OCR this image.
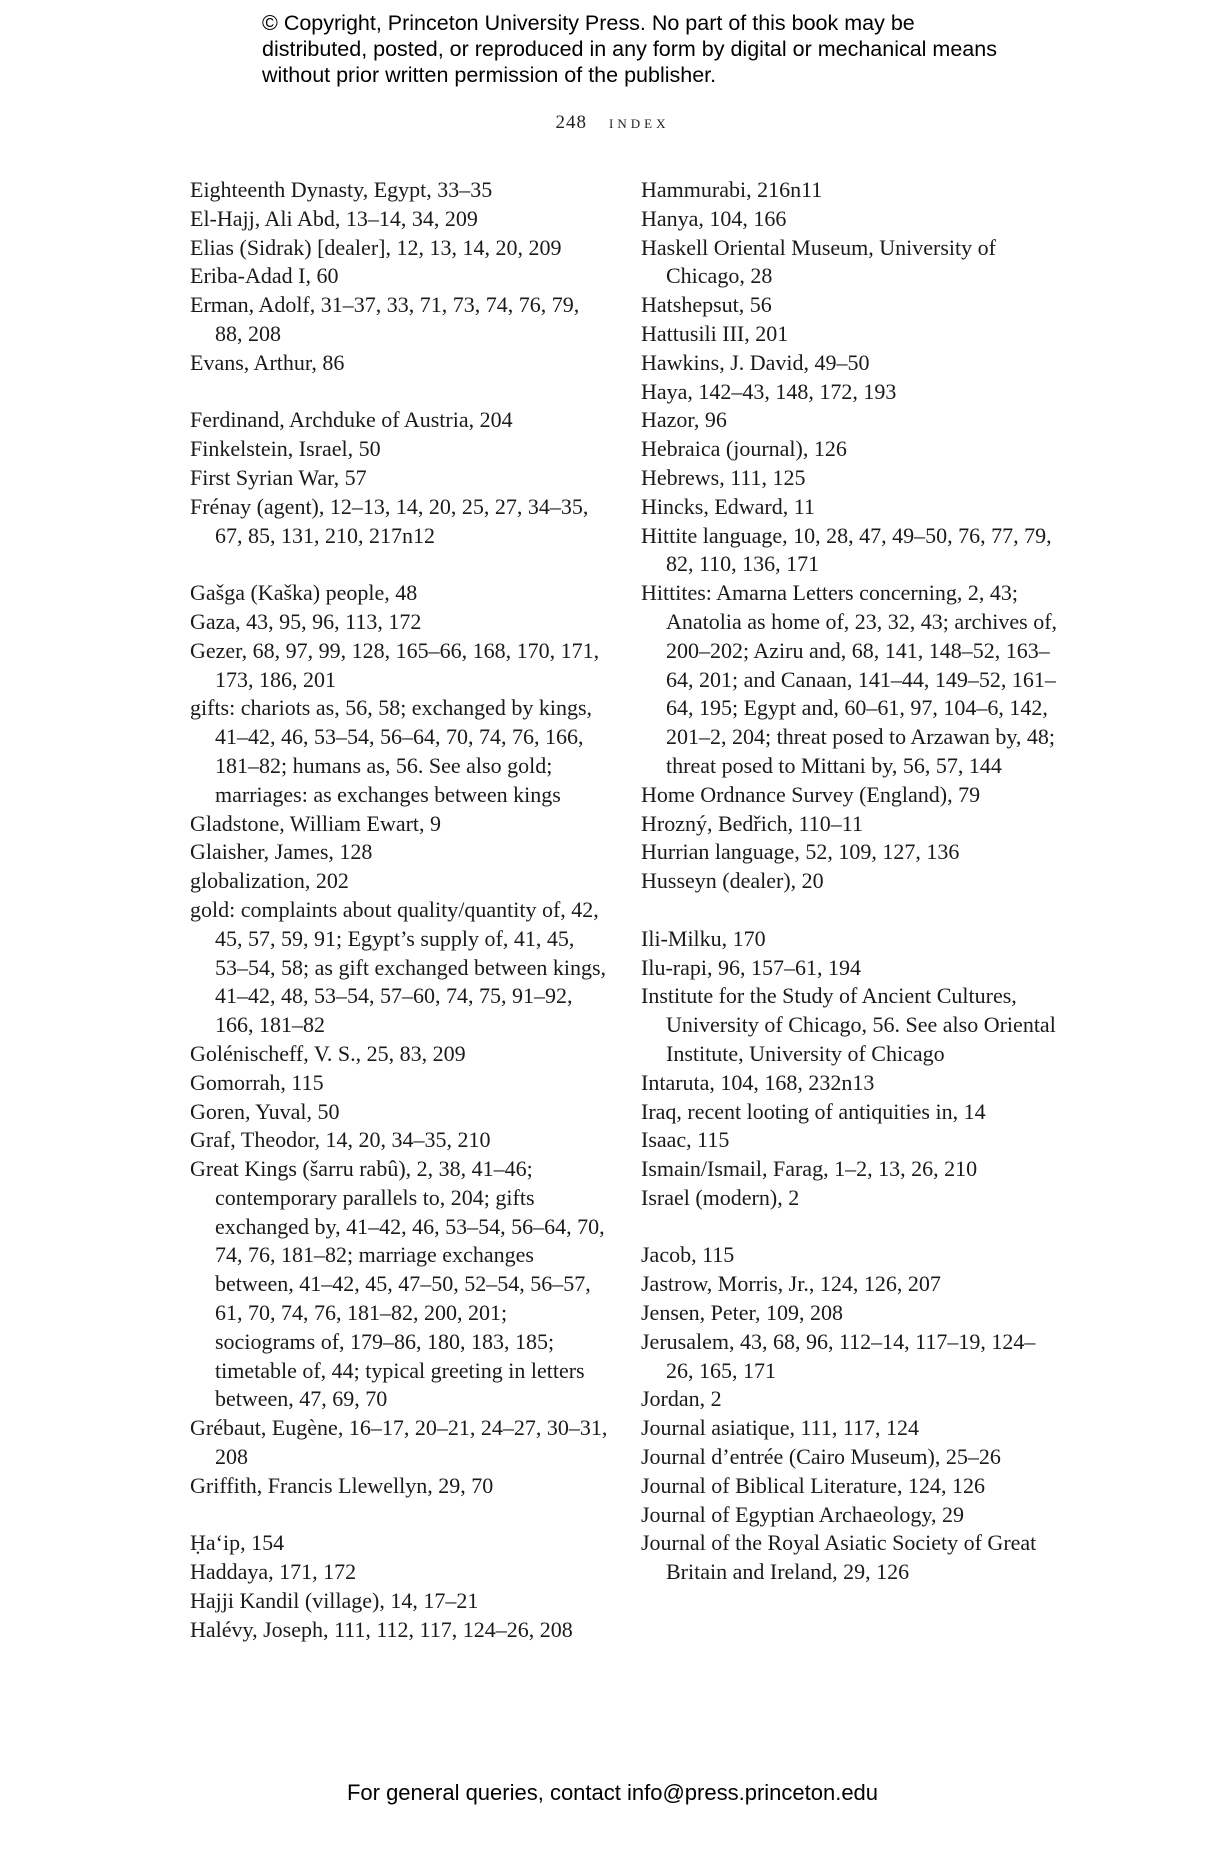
© Copyright, Princeton University Press. No part of this book may be distributed, posted, or reproduced in any form by digital or mechanical means without prior written permission of the publisher.
248 index
Eighteenth Dynasty, Egypt, 33–35
El-Hajj, Ali Abd, 13–14, 34, 209
Elias (Sidrak) [dealer], 12, 13, 14, 20, 209
Eriba-Adad I, 60
Erman, Adolf, 31–37, 33, 71, 73, 74, 76, 79, 88, 208
Evans, Arthur, 86
Ferdinand, Archduke of Austria, 204
Finkelstein, Israel, 50
First Syrian War, 57
Frénay (agent), 12–13, 14, 20, 25, 27, 34–35, 67, 85, 131, 210, 217n12
Gašga (Kaška) people, 48
Gaza, 43, 95, 96, 113, 172
Gezer, 68, 97, 99, 128, 165–66, 168, 170, 171, 173, 186, 201
gifts: chariots as, 56, 58; exchanged by kings, 41–42, 46, 53–54, 56–64, 70, 74, 76, 166, 181–82; humans as, 56. See also gold; marriages: as exchanges between kings
Gladstone, William Ewart, 9
Glaisher, James, 128
globalization, 202
gold: complaints about quality/quantity of, 42, 45, 57, 59, 91; Egypt’s supply of, 41, 45, 53–54, 58; as gift exchanged between kings, 41–42, 48, 53–54, 57–60, 74, 75, 91–92, 166, 181–82
Golénischeff, V. S., 25, 83, 209
Gomorrah, 115
Goren, Yuval, 50
Graf, Theodor, 14, 20, 34–35, 210
Great Kings (šarru rabû), 2, 38, 41–46; contemporary parallels to, 204; gifts exchanged by, 41–42, 46, 53–54, 56–64, 70, 74, 76, 181–82; marriage exchanges between, 41–42, 45, 47–50, 52–54, 56–57, 61, 70, 74, 76, 181–82, 200, 201; sociograms of, 179–86, 180, 183, 185; timetable of, 44; typical greeting in letters between, 47, 69, 70
Grébaut, Eugène, 16–17, 20–21, 24–27, 30–31, 208
Griffith, Francis Llewellyn, 29, 70
Ḥa‘ip, 154
Haddaya, 171, 172
Hajji Kandil (village), 14, 17–21
Halévy, Joseph, 111, 112, 117, 124–26, 208
Hammurabi, 216n11
Hanya, 104, 166
Haskell Oriental Museum, University of Chicago, 28
Hatshepsut, 56
Hattusili III, 201
Hawkins, J. David, 49–50
Haya, 142–43, 148, 172, 193
Hazor, 96
Hebraica (journal), 126
Hebrews, 111, 125
Hincks, Edward, 11
Hittite language, 10, 28, 47, 49–50, 76, 77, 79, 82, 110, 136, 171
Hittites: Amarna Letters concerning, 2, 43; Anatolia as home of, 23, 32, 43; archives of, 200–202; Aziru and, 68, 141, 148–52, 163–64, 201; and Canaan, 141–44, 149–52, 161–64, 195; Egypt and, 60–61, 97, 104–6, 142, 201–2, 204; threat posed to Arzawan by, 48; threat posed to Mittani by, 56, 57, 144
Home Ordnance Survey (England), 79
Hrozný, Bedřich, 110–11
Hurrian language, 52, 109, 127, 136
Husseyn (dealer), 20
Ili-Milku, 170
Ilu-rapi, 96, 157–61, 194
Institute for the Study of Ancient Cultures, University of Chicago, 56. See also Oriental Institute, University of Chicago
Intaruta, 104, 168, 232n13
Iraq, recent looting of antiquities in, 14
Isaac, 115
Ismain/Ismail, Farag, 1–2, 13, 26, 210
Israel (modern), 2
Jacob, 115
Jastrow, Morris, Jr., 124, 126, 207
Jensen, Peter, 109, 208
Jerusalem, 43, 68, 96, 112–14, 117–19, 124–26, 165, 171
Jordan, 2
Journal asiatique, 111, 117, 124
Journal d’entrée (Cairo Museum), 25–26
Journal of Biblical Literature, 124, 126
Journal of Egyptian Archaeology, 29
Journal of the Royal Asiatic Society of Great Britain and Ireland, 29, 126
For general queries, contact info@press.princeton.edu
